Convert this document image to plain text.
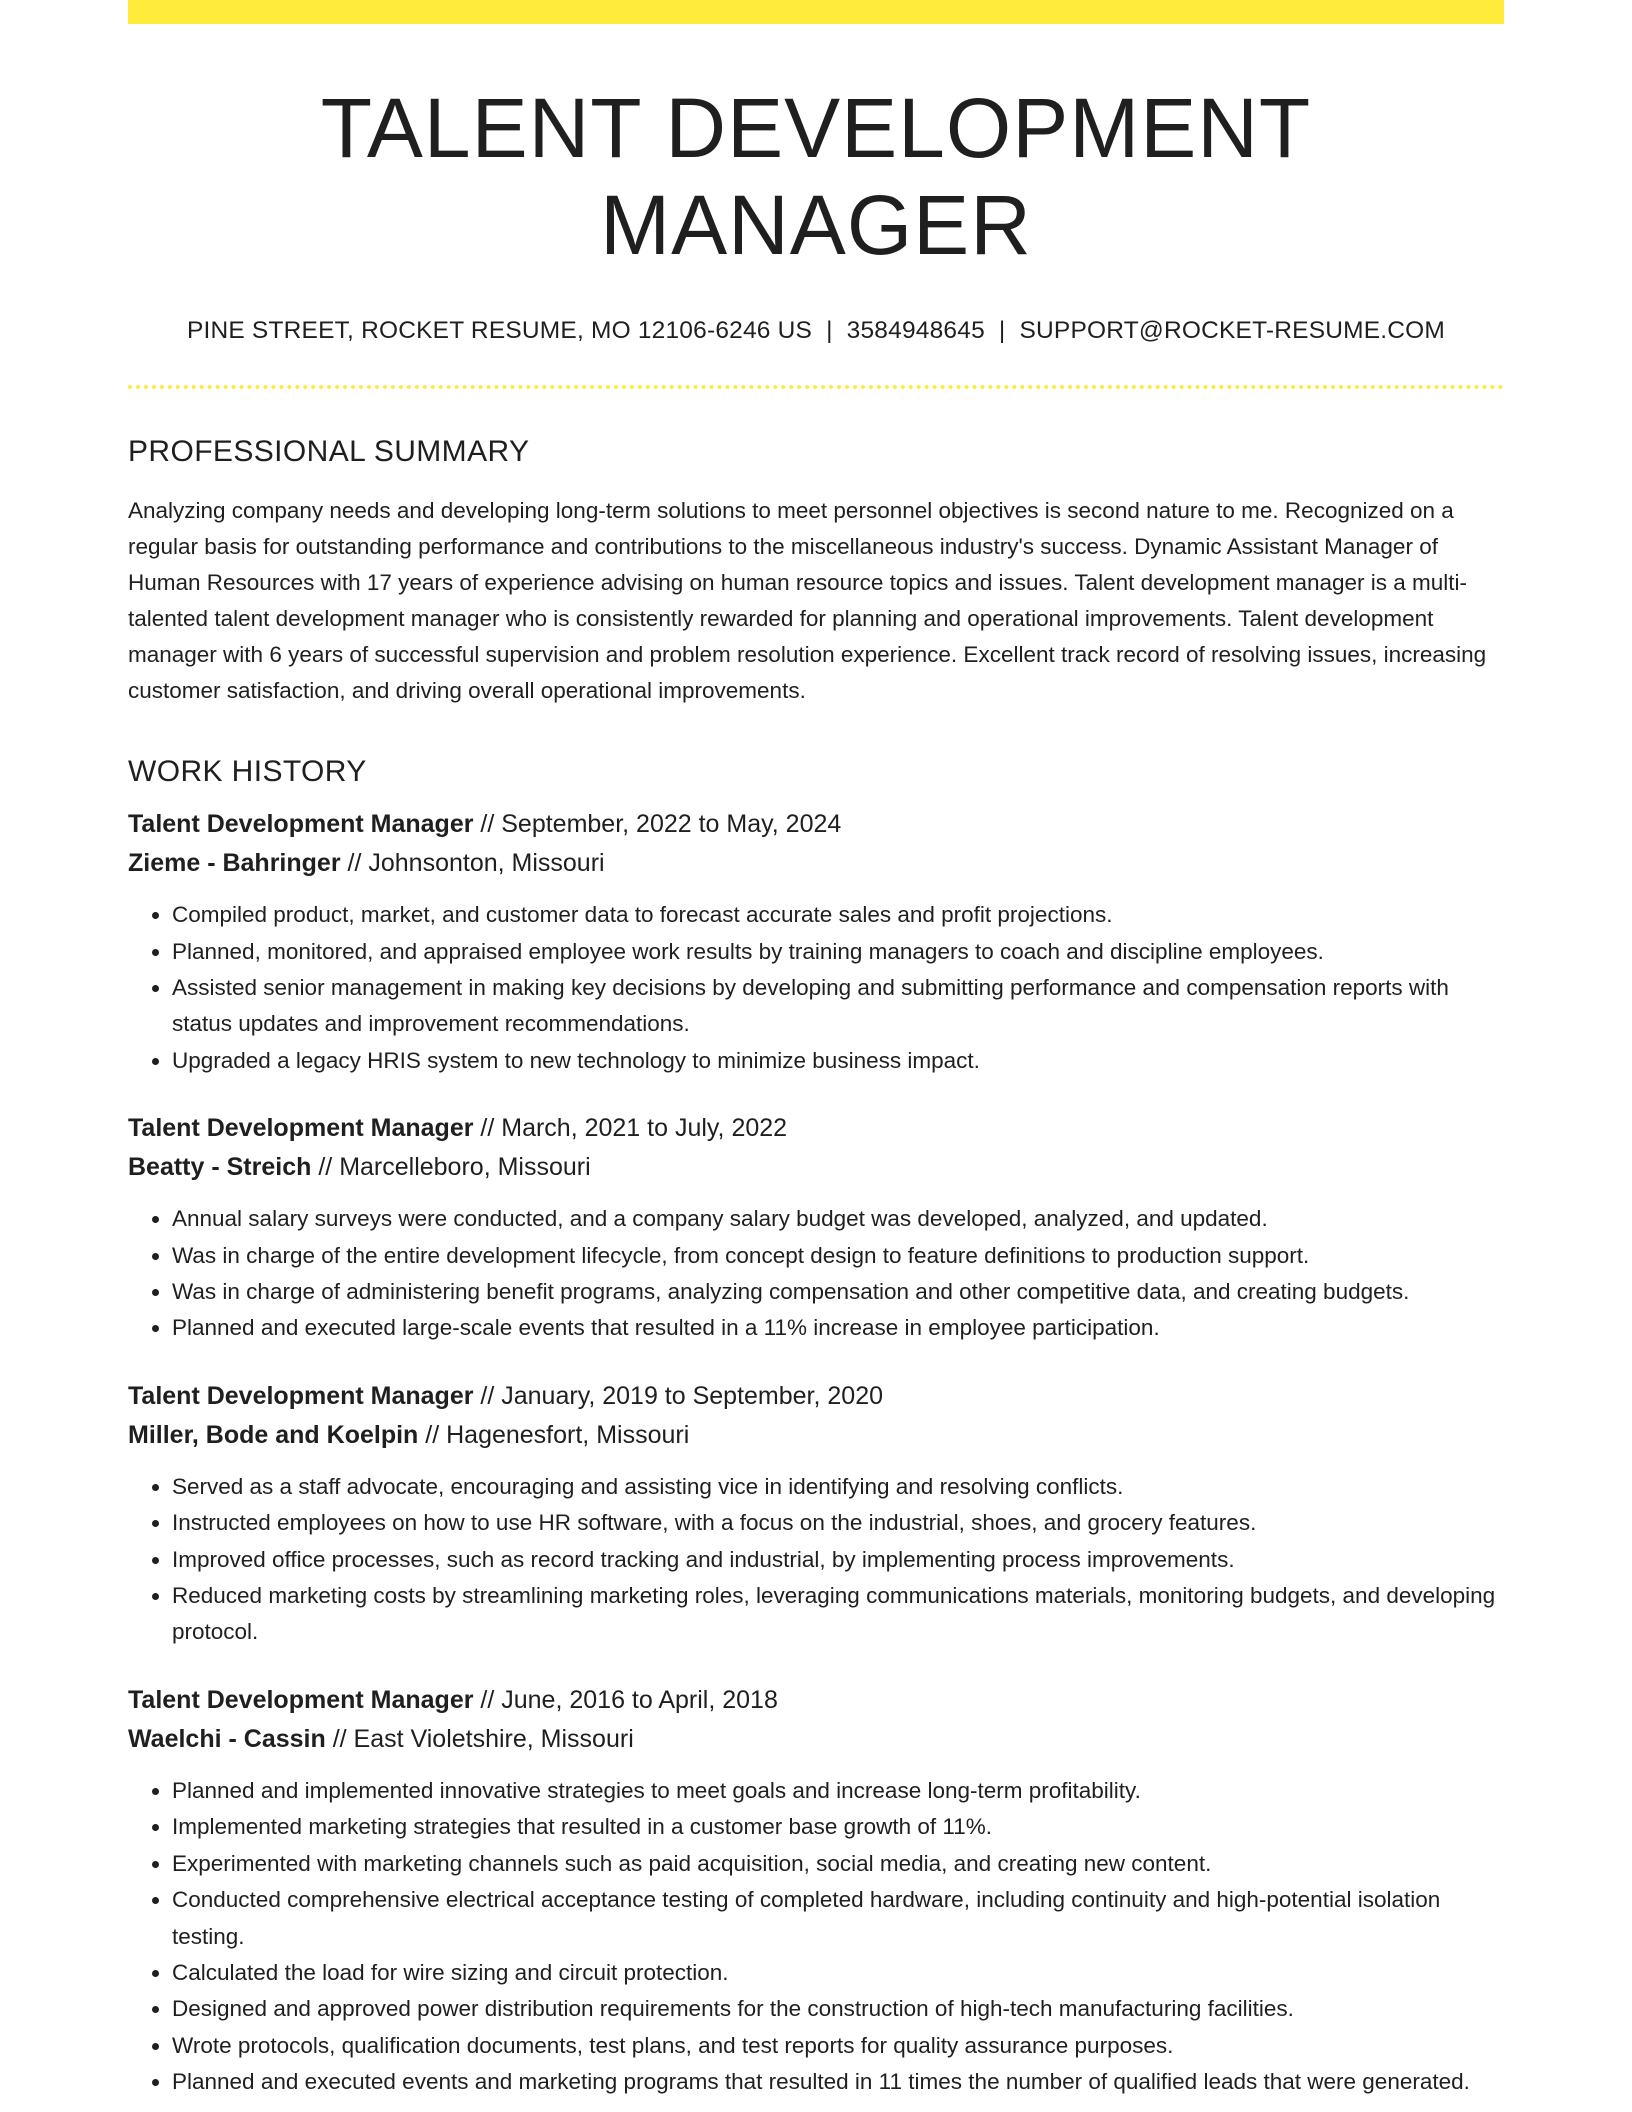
TALENT DEVELOPMENT MANAGER
PINE STREET, ROCKET RESUME, MO 12106-6246 US | 3584948645 | SUPPORT@ROCKET-RESUME.COM
PROFESSIONAL SUMMARY

Analyzing company needs and developing long-term solutions to meet personnel objectives is second nature to me. Recognized on a regular basis for outstanding performance and contributions to the miscellaneous industry's success. Dynamic Assistant Manager of Human Resources with 17 years of experience advising on human resource topics and issues. Talent development manager is a multi-talented talent development manager who is consistently rewarded for planning and operational improvements. Talent development manager with 6 years of successful supervision and problem resolution experience. Excellent track record of resolving issues, increasing customer satisfaction, and driving overall operational improvements.

WORK HISTORY
Talent Development Manager // September, 2022 to May, 2024
Zieme - Bahringer // Johnsonton, Missouri
• Compiled product, market, and customer data to forecast accurate sales and profit projections.
• Planned, monitored, and appraised employee work results by training managers to coach and discipline employees.
• Assisted senior management in making key decisions by developing and submitting performance and compensation reports with status updates and improvement recommendations.
• Upgraded a legacy HRIS system to new technology to minimize business impact.
Talent Development Manager // March, 2021 to July, 2022
Beatty - Streich // Marcelleboro, Missouri
• Annual salary surveys were conducted, and a company salary budget was developed, analyzed, and updated.
• Was in charge of the entire development lifecycle, from concept design to feature definitions to production support.
• Was in charge of administering benefit programs, analyzing compensation and other competitive data, and creating budgets.
• Planned and executed large-scale events that resulted in a 11% increase in employee participation.
Talent Development Manager // January, 2019 to September, 2020
Miller, Bode and Koelpin // Hagenesfort, Missouri
• Served as a staff advocate, encouraging and assisting vice in identifying and resolving conflicts.
• Instructed employees on how to use HR software, with a focus on the industrial, shoes, and grocery features.
• Improved office processes, such as record tracking and industrial, by implementing process improvements.
• Reduced marketing costs by streamlining marketing roles, leveraging communications materials, monitoring budgets, and developing protocol.
Talent Development Manager // June, 2016 to April, 2018
Waelchi - Cassin // East Violetshire, Missouri
• Planned and implemented innovative strategies to meet goals and increase long-term profitability.
• Implemented marketing strategies that resulted in a customer base growth of 11%.
• Experimented with marketing channels such as paid acquisition, social media, and creating new content.
• Conducted comprehensive electrical acceptance testing of completed hardware, including continuity and high-potential isolation testing.
• Calculated the load for wire sizing and circuit protection.
• Designed and approved power distribution requirements for the construction of high-tech manufacturing facilities.
• Wrote protocols, qualification documents, test plans, and test reports for quality assurance purposes.
• Planned and executed events and marketing programs that resulted in 11 times the number of qualified leads that were generated.
